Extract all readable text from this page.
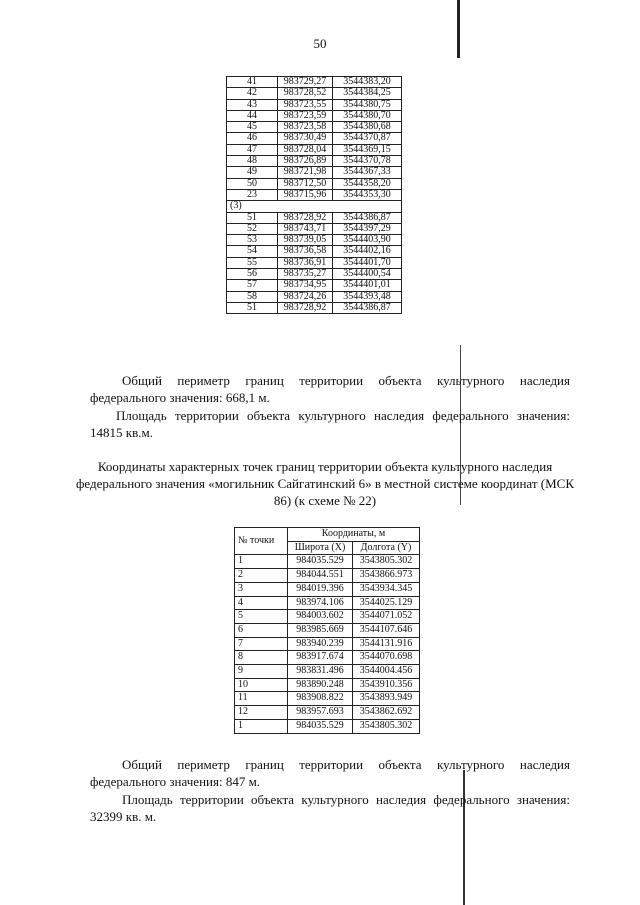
50
41	983729,27	3544383,20
42	983728,52	3544384,25
43	983723,55	3544380,75
44	983723,59	3544380,70
45	983723,58	3544380,68
46	983730,49	3544370,87
47	983728,04	3544369,15
48	983726,89	3544370,78
49	983721,98	3544367,33
50	983712,50	3544358,20
23	983715,96	3544353,30
(3)		
51	983728,92	3544386,87
52	983743,71	3544397,29
53	983739,05	3544403,90
54	983736,58	3544402,16
55	983736,91	3544401,70
56	983735,27	3544400,54
57	983734,95	3544401,01
58	983724,26	3544393,48
51	983728,92	3544386,87
Общий периметр границ территории объекта культурного наследия федерального значения: 668,1 м.
Площадь территории объекта культурного наследия федерального значения: 14815 кв.м.
Координаты характерных точек границ территории объекта культурного наследия федерального значения «могильник Сайгатинский 6» в местной системе координат (МСК 86) (к схеме № 22)
№ точки	Координаты, м	
	Широта (X)	Долгота (Y)
1	984035.529	3543805.302
2	984044.551	3543866.973
3	984019.396	3543934.345
4	983974.106	3544025.129
5	984003.602	3544071.052
6	983985.669	3544107.646
7	983940.239	3544131.916
8	983917.674	3544070.698
9	983831.496	3544004.456
10	983890.248	3543910.356
11	983908.822	3543893.949
12	983957.693	3543862.692
1	984035.529	3543805.302
Общий периметр границ территории объекта культурного наследия федерального значения: 847 м.
Площадь территории объекта культурного наследия федерального значения: 32399 кв. м.
